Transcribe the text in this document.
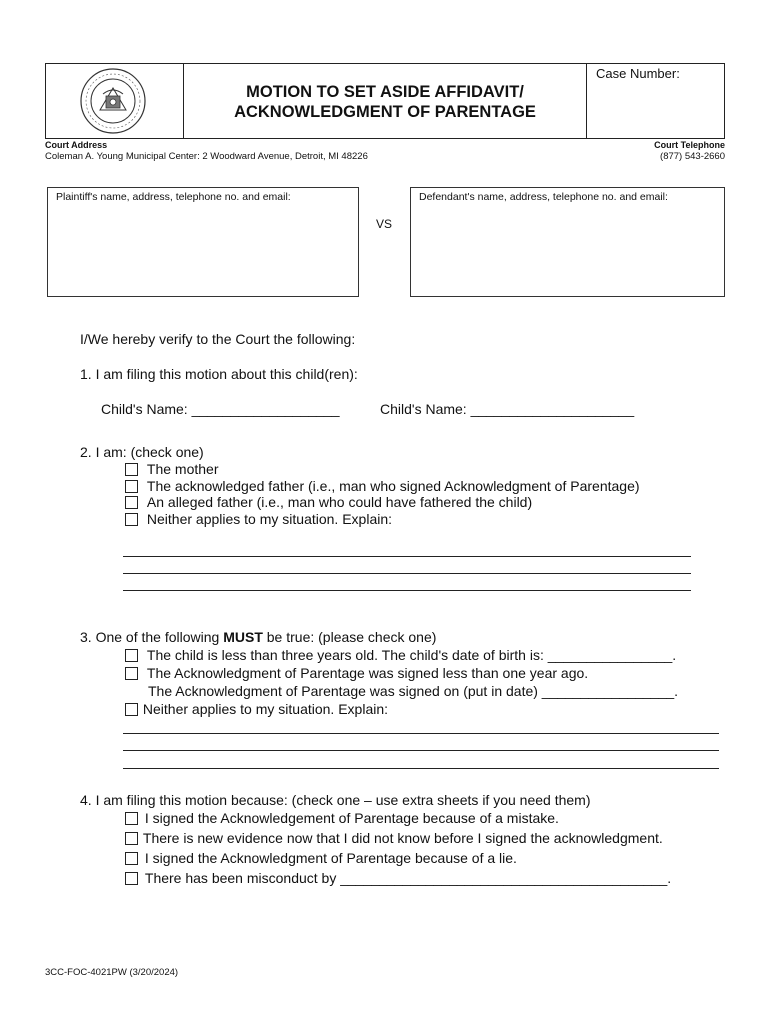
MOTION TO SET ASIDE AFFIDAVIT/
ACKNOWLEDGMENT OF PARENTAGE
Case Number:
Court Address
Coleman A. Young Municipal Center: 2 Woodward Avenue, Detroit, MI 48226
Court Telephone
(877) 543-2660
Plaintiff's name, address, telephone no. and email:
VS
Defendant's name, address, telephone no. and email:
I/We hereby verify to the Court the following:
1. I am filing this motion about this child(ren):
Child's Name: ___________________	Child's Name: _____________________
2. I am: (check one)
The mother
The acknowledged father (i.e., man who signed Acknowledgment of Parentage)
An alleged father (i.e., man who could have fathered the child)
Neither applies to my situation. Explain:
3. One of the following MUST be true: (please check one)
The child is less than three years old. The child's date of birth is: ________________.
The Acknowledgment of Parentage was signed less than one year ago.
The Acknowledgment of Parentage was signed on (put in date) _________________.
Neither applies to my situation. Explain:
4. I am filing this motion because: (check one – use extra sheets if you need them)
I signed the Acknowledgement of Parentage because of a mistake.
There is new evidence now that I did not know before I signed the acknowledgment.
I signed the Acknowledgment of Parentage because of a lie.
There has been misconduct by __________________________________________.
3CC-FOC-4021PW (3/20/2024)
